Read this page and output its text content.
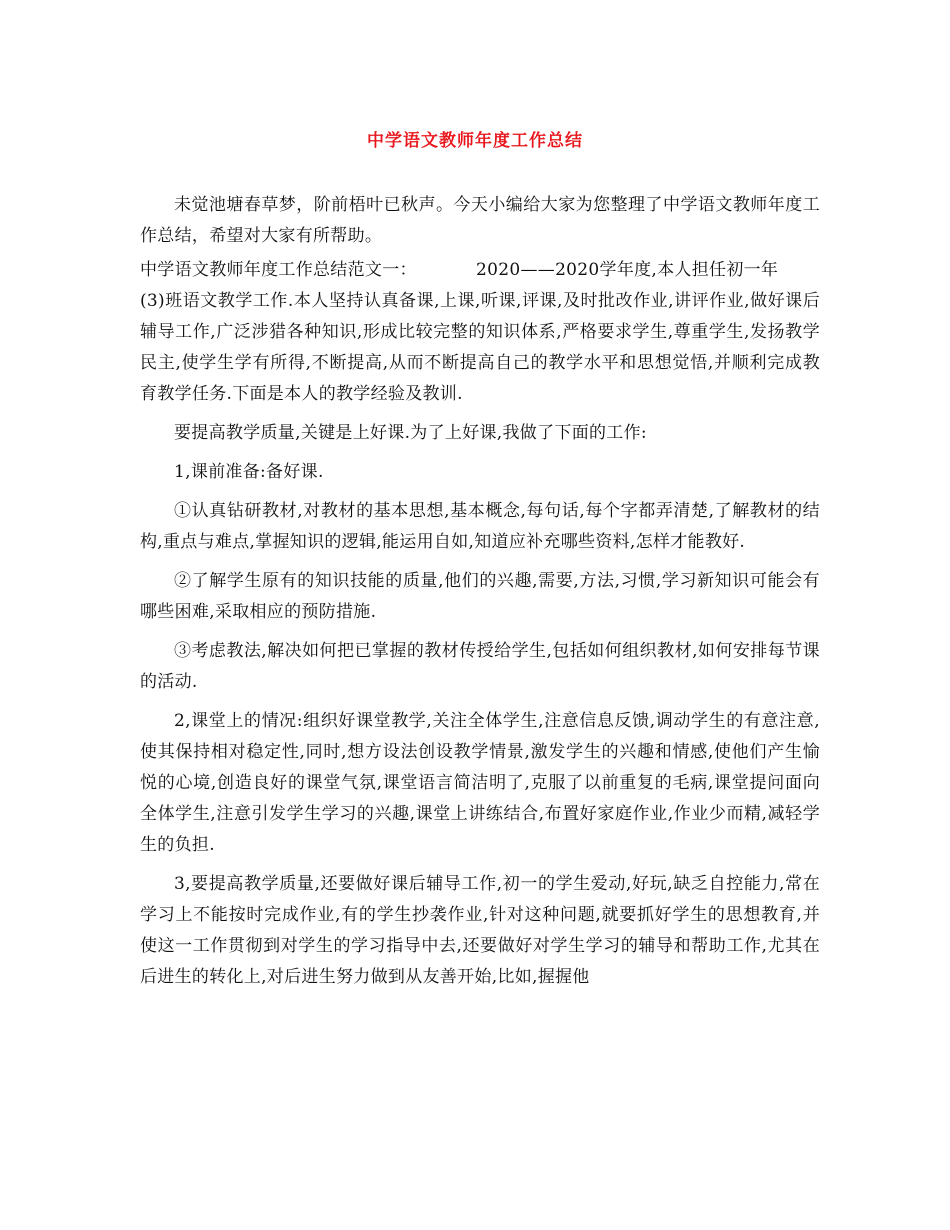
中学语文教师年度工作总结

未觉池塘春草梦，阶前梧叶已秋声。今天小编给大家为您整理了中学语文教师年度工作总结，希望对大家有所帮助。

中学语文教师年度工作总结范文一：	2020——2020学年度,本人担任初一年

(3)班语文教学工作.本人坚持认真备课,上课,听课,评课,及时批改作业,讲评作业,做好课后辅导工作,广泛涉猎各种知识,形成比较完整的知识体系,严格要求学生,尊重学生,发扬教学民主,使学生学有所得,不断提高,从而不断提高自己的教学水平和思想觉悟,并顺利完成教育教学任务.下面是本人的教学经验及教训.

要提高教学质量,关键是上好课.为了上好课,我做了下面的工作:

1,课前准备:备好课.

①认真钻研教材,对教材的基本思想,基本概念,每句话,每个字都弄清楚,了解教材的结构,重点与难点,掌握知识的逻辑,能运用自如,知道应补充哪些资料,怎样才能教好.

②了解学生原有的知识技能的质量,他们的兴趣,需要,方法,习惯,学习新知识可能会有哪些困难,采取相应的预防措施.

③考虑教法,解决如何把已掌握的教材传授给学生,包括如何组织教材,如何安排每节课的活动.

2,课堂上的情况:组织好课堂教学,关注全体学生,注意信息反馈,调动学生的有意注意,使其保持相对稳定性,同时,想方设法创设教学情景,激发学生的兴趣和情感,使他们产生愉悦的心境,创造良好的课堂气氛,课堂语言简洁明了,克服了以前重复的毛病,课堂提问面向全体学生,注意引发学生学习的兴趣,课堂上讲练结合,布置好家庭作业,作业少而精,减轻学生的负担.

3,要提高教学质量,还要做好课后辅导工作,初一的学生爱动,好玩,缺乏自控能力,常在学习上不能按时完成作业,有的学生抄袭作业,针对这种问题,就要抓好学生的思想教育,并使这一工作贯彻到对学生的学习指导中去,还要做好对学生学习的辅导和帮助工作,尤其在后进生的转化上,对后进生努力做到从友善开始,比如,握握他
